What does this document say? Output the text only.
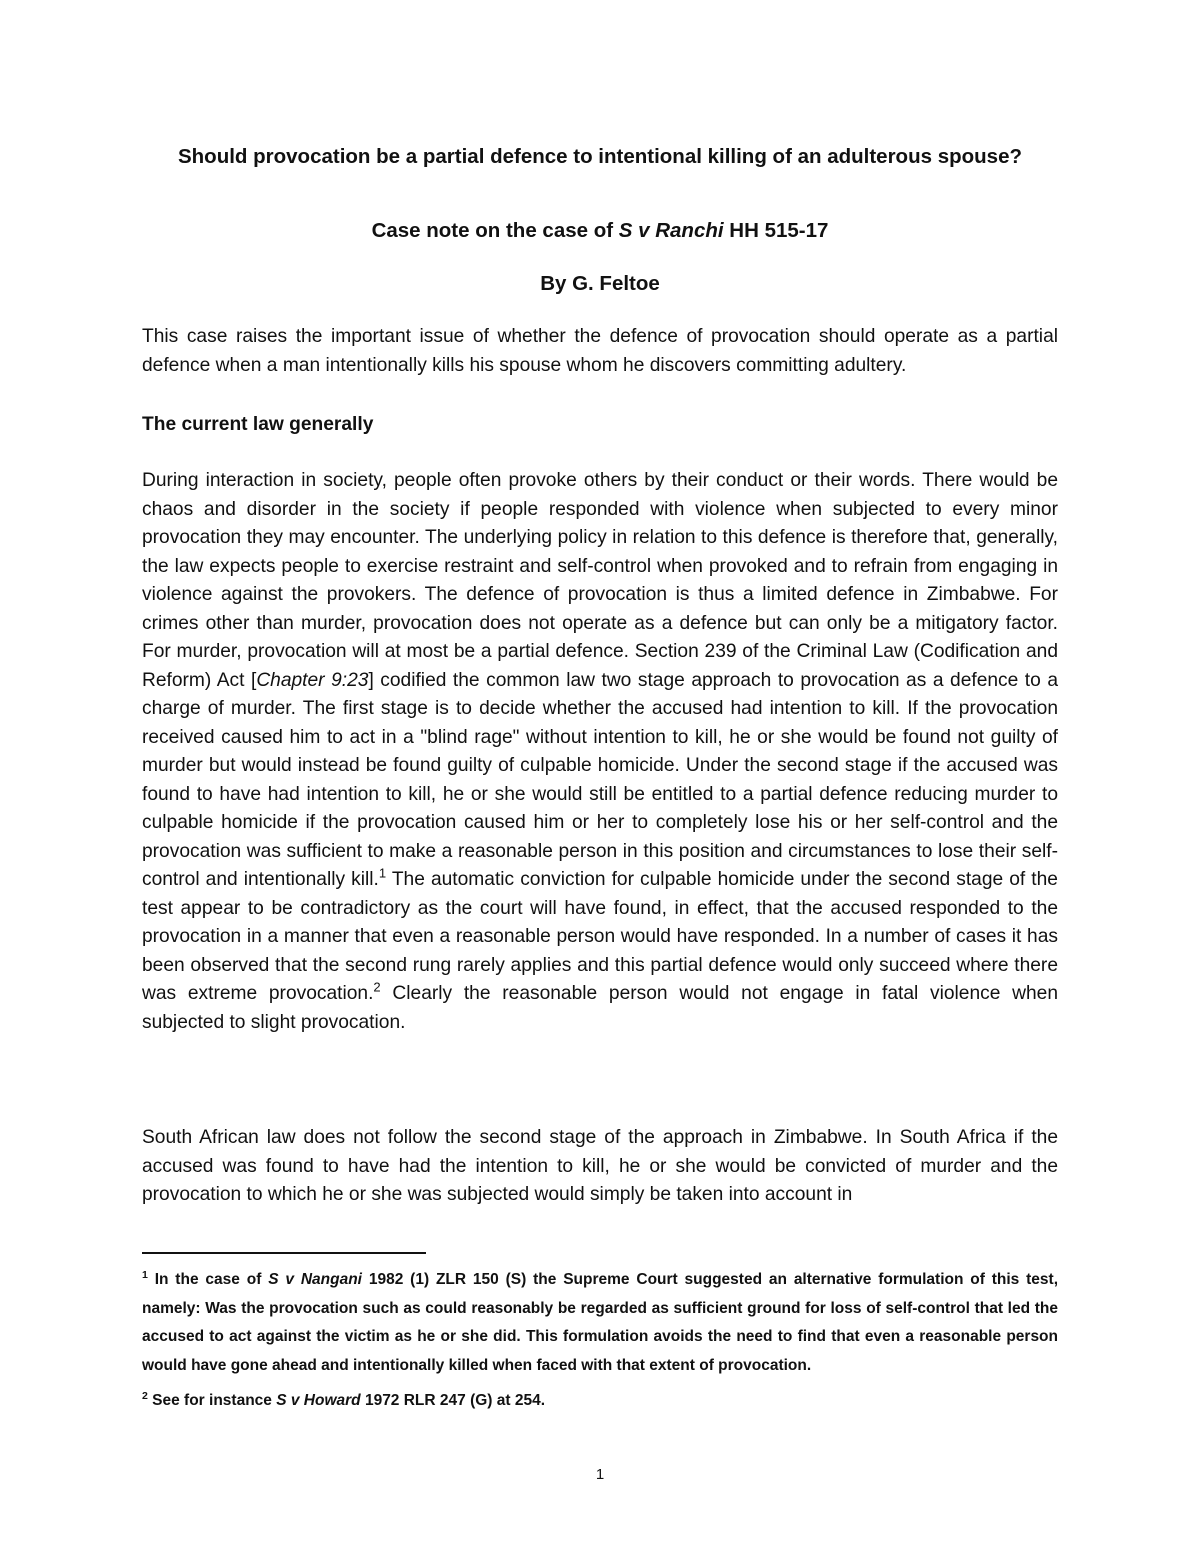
Should provocation be a partial defence to intentional killing of an adulterous spouse?
Case note on the case of S v Ranchi HH 515-17
By G. Feltoe
This case raises the important issue of whether the defence of provocation should operate as a partial defence when a man intentionally kills his spouse whom he discovers committing adultery.
The current law generally
During interaction in society, people often provoke others by their conduct or their words. There would be chaos and disorder in the society if people responded with violence when subjected to every minor provocation they may encounter. The underlying policy in relation to this defence is therefore that, generally, the law expects people to exercise restraint and self-control when provoked and to refrain from engaging in violence against the provokers. The defence of provocation is thus a limited defence in Zimbabwe. For crimes other than murder, provocation does not operate as a defence but can only be a mitigatory factor. For murder, provocation will at most be a partial defence. Section 239 of the Criminal Law (Codification and Reform) Act [Chapter 9:23] codified the common law two stage approach to provocation as a defence to a charge of murder. The first stage is to decide whether the accused had intention to kill. If the provocation received caused him to act in a "blind rage" without intention to kill, he or she would be found not guilty of murder but would instead be found guilty of culpable homicide. Under the second stage if the accused was found to have had intention to kill, he or she would still be entitled to a partial defence reducing murder to culpable homicide if the provocation caused him or her to completely lose his or her self-control and the provocation was sufficient to make a reasonable person in this position and circumstances to lose their self-control and intentionally kill.$^1$ The automatic conviction for culpable homicide under the second stage of the test appear to be contradictory as the court will have found, in effect, that the accused responded to the provocation in a manner that even a reasonable person would have responded. In a number of cases it has been observed that the second rung rarely applies and this partial defence would only succeed where there was extreme provocation.$^2$ Clearly the reasonable person would not engage in fatal violence when subjected to slight provocation.
South African law does not follow the second stage of the approach in Zimbabwe. In South Africa if the accused was found to have had the intention to kill, he or she would be convicted of murder and the provocation to which he or she was subjected would simply be taken into account in
$^1$ In the case of S v Nangani 1982 (1) ZLR 150 (S) the Supreme Court suggested an alternative formulation of this test, namely: Was the provocation such as could reasonably be regarded as sufficient ground for loss of self-control that led the accused to act against the victim as he or she did. This formulation avoids the need to find that even a reasonable person would have gone ahead and intentionally killed when faced with that extent of provocation.
$^2$ See for instance S v Howard 1972 RLR 247 (G) at 254.
1
